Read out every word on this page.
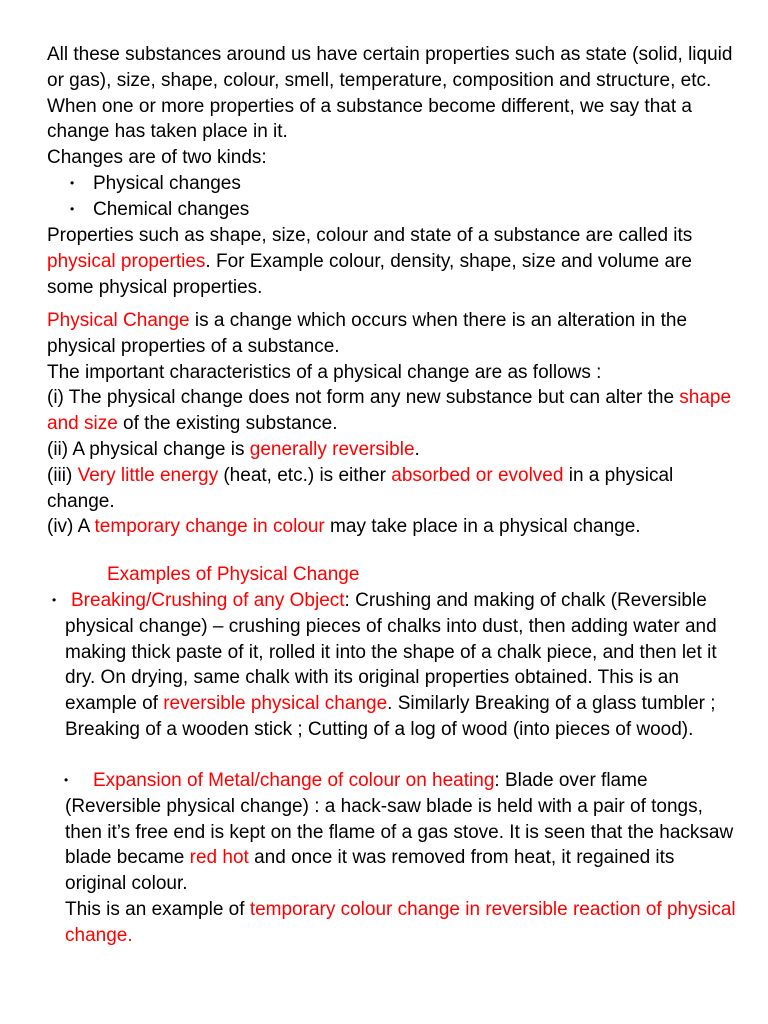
All these substances around us have certain properties such as state (solid, liquid or gas), size, shape, colour, smell, temperature, composition and structure, etc. When one or more properties of a substance become different, we say that a change has taken place in it.
Changes are of two kinds:

• Physical changes
• Chemical changes

Properties such as shape, size, colour and state of a substance are called its physical properties. For Example colour, density, shape, size and volume are some physical properties.

Physical Change is a change which occurs when there is an alteration in the physical properties of a substance.
The important characteristics of a physical change are as follows :
(i) The physical change does not form any new substance but can alter the shape and size of the existing substance.
(ii) A physical change is generally reversible.
(iii) Very little energy (heat, etc.) is either absorbed or evolved in a physical change.
(iv) A temporary change in colour may take place in a physical change.

Examples of Physical Change
• Breaking/Crushing of any Object: Crushing and making of chalk (Reversible physical change) – crushing pieces of chalks into dust, then adding water and making thick paste of it, rolled it into the shape of a chalk piece, and then let it dry. On drying, same chalk with its original properties obtained. This is an example of reversible physical change. Similarly Breaking of a glass tumbler ; Breaking of a wooden stick ; Cutting of a log of wood (into pieces of wood).
• Expansion of Metal/change of colour on heating: Blade over flame (Reversible physical change) : a hack-saw blade is held with a pair of tongs, then it’s free end is kept on the flame of a gas stove. It is seen that the hacksaw blade became red hot and once it was removed from heat, it regained its original colour.
This is an example of temporary colour change in reversible reaction of physical change.
